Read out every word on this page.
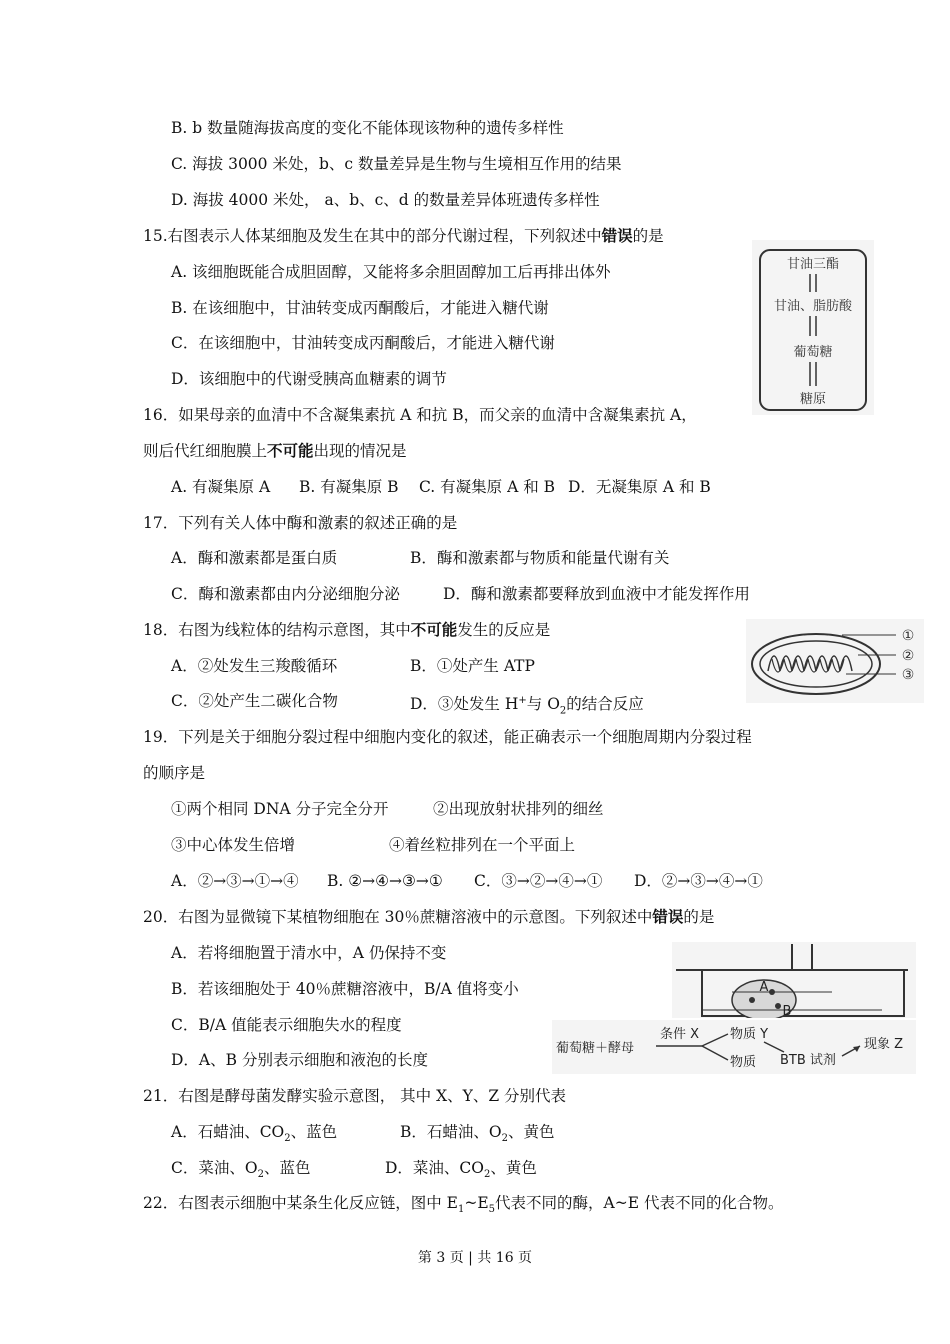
B. b 数量随海拔高度的变化不能体现该物种的遗传多样性
C. 海拔 3000 米处，b、c 数量差异是生物与生境相互作用的结果
D. 海拔 4000 米处， a、b、c、d 的数量差异体班遗传多样性
15.右图表示人体某细胞及发生在其中的部分代谢过程，下列叙述中错误的是
A. 该细胞既能合成胆固醇，又能将多余胆固醇加工后再排出体外
B. 在该细胞中，甘油转变成丙酮酸后，才能进入糖代谢
C．在该细胞中，甘油转变成丙酮酸后，才能进入糖代谢
D．该细胞中的代谢受胰高血糖素的调节
甘油三酯
甘油、脂肪酸
葡萄糖
糖原
16．如果母亲的血清中不含凝集素抗 A 和抗 B，而父亲的血清中含凝集素抗 A，
则后代红细胞膜上不可能出现的情况是
A. 有凝集原 A B. 有凝集原 B C. 有凝集原 A 和 B D．无凝集原 A 和 B
17．下列有关人体中酶和激素的叙述正确的是
A．酶和激素都是蛋白质	B．酶和激素都与物质和能量代谢有关
C．酶和激素都由内分泌细胞分泌	D．酶和激素都要释放到血液中才能发挥作用
18．右图为线粒体的结构示意图，其中不可能发生的反应是
A．②处发生三羧酸循环	B．①处产生 ATP
C．②处产生二碳化合物	D．③处发生 H+与 $O_2$的结合反应
①
②
③
19．下列是关于细胞分裂过程中细胞内变化的叙述，能正确表示一个细胞周期内分裂过程
的顺序是
①两个相同 DNA 分子完全分开	②出现放射状排列的细丝
③中心体发生倍增	④着丝粒排列在一个平面上
A．②→③→①→④ B. ②→④→③→① C．③→②→④→① D．②→③→④→①
20．右图为显微镜下某植物细胞在 30％蔗糖溶液中的示意图。下列叙述中错误的是
A．若将细胞置于清水中，A 仍保持不变
B．若该细胞处于 40％蔗糖溶液中，B/A 值将变小
C．B/A 值能表示细胞失水的程度
D．A、B 分别表示细胞和液泡的长度
A
B
葡萄糖＋酵母
条件 X 物质 Y
物质 BTB 试剂
现象 Z
21．右图是酵母菌发酵实验示意图， 其中 X、Y、Z 分别代表
A．石蜡油、$CO_2$、蓝色	B．石蜡油、$O_2$、黄色
C．菜油、$O_2$、蓝色	D．菜油、$CO_2$、黄色
22．右图表示细胞中某条生化反应链，图中 $E_1\sim E_5$代表不同的酶，A~E 代表不同的化合物。
第 3 页 | 共 16 页
